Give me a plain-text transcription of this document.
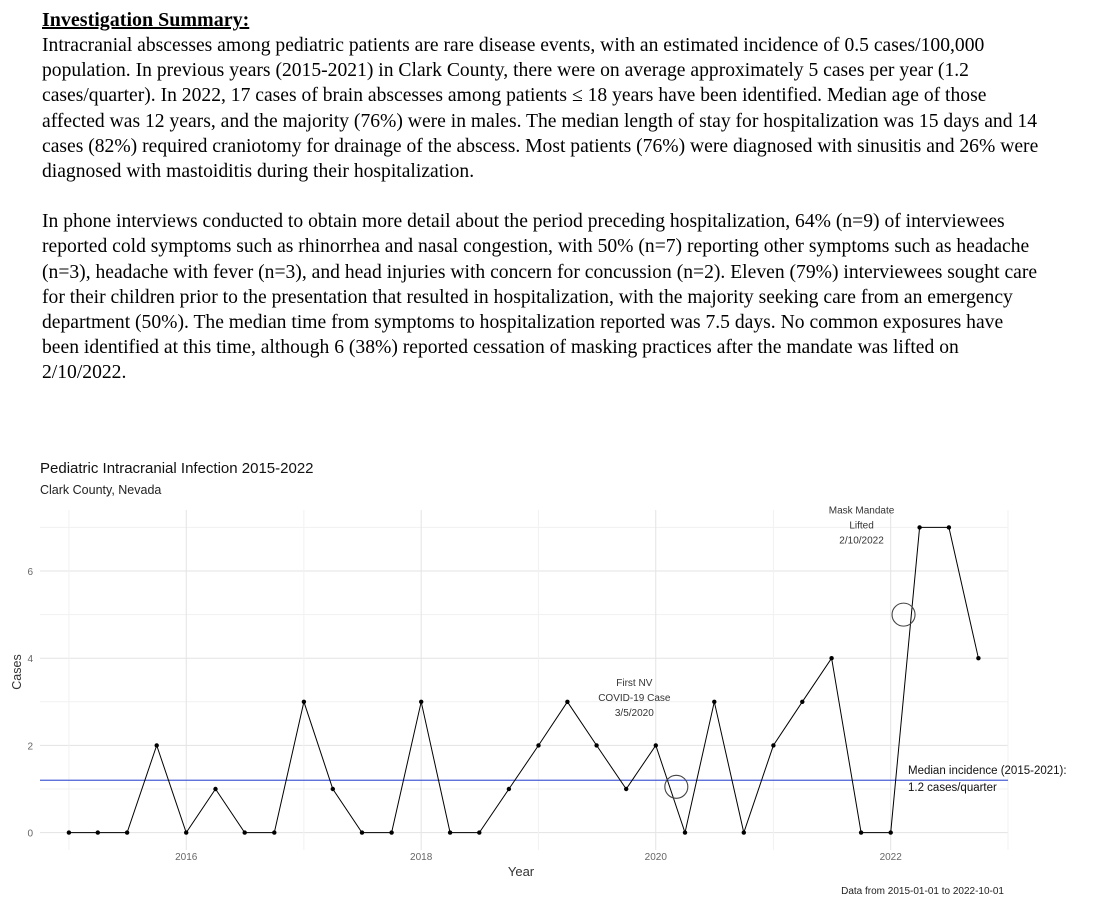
Investigation Summary:

Intracranial abscesses among pediatric patients are rare disease events, with an estimated incidence of 0.5 cases/100,000 population. In previous years (2015-2021) in Clark County, there were on average approximately 5 cases per year (1.2 cases/quarter). In 2022, 17 cases of brain abscesses among patients ≤ 18 years have been identified. Median age of those affected was 12 years, and the majority (76%) were in males. The median length of stay for hospitalization was 15 days and 14 cases (82%) required craniotomy for drainage of the abscess. Most patients (76%) were diagnosed with sinusitis and 26% were diagnosed with mastoiditis during their hospitalization.

In phone interviews conducted to obtain more detail about the period preceding hospitalization, 64% (n=9) of interviewees reported cold symptoms such as rhinorrhea and nasal congestion, with 50% (n=7) reporting other symptoms such as headache (n=3), headache with fever (n=3), and head injuries with concern for concussion (n=2). Eleven (79%) interviewees sought care for their children prior to the presentation that resulted in hospitalization, with the majority seeking care from an emergency department (50%). The median time from symptoms to hospitalization reported was 7.5 days. No common exposures have been identified at this time, although 6 (38%) reported cessation of masking practices after the mandate was lifted on 2/10/2022.

Pediatric Intracranial Infection 2015-2022
Clark County, Nevada
0
2
4
6
2016	2018	2020	2022
Cases
Year
Median incidence (2015-2021):
1.2 cases/quarter
First NV
COVID-19 Case
3/5/2020
Mask Mandate
Lifted
2/10/2022
Data from 2015-01-01 to 2022-10-01
